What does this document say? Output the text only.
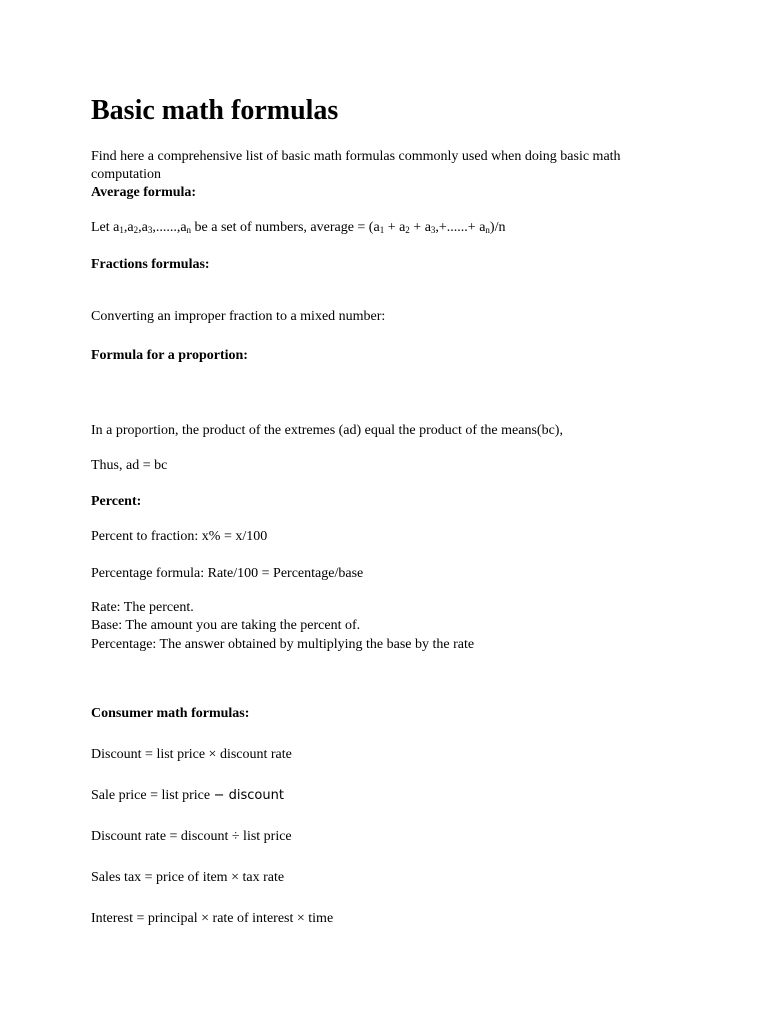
Basic math formulas

Find here a comprehensive list of basic math formulas commonly used when doing basic math

computation

Average formula:

Let $a_1,a_2,a_3,......,a_n$ be a set of numbers, average = $(a_1 + a_2 + a_3,+......+ a_n)/n$

Fractions formulas:

Converting an improper fraction to a mixed number:

Formula for a proportion:

In a proportion, the product of the extremes (ad) equal the product of the means(bc),

Thus, ad = bc

Percent:

Percent to fraction: x% = x/100

Percentage formula: Rate/100 = Percentage/base

Rate: The percent.

Base: The amount you are taking the percent of.

Percentage: The answer obtained by multiplying the base by the rate

Consumer math formulas:

Discount = list price × discount rate

Sale price = list price − discount

Discount rate = discount ÷ list price

Sales tax = price of item × tax rate

Interest = principal × rate of interest × time
